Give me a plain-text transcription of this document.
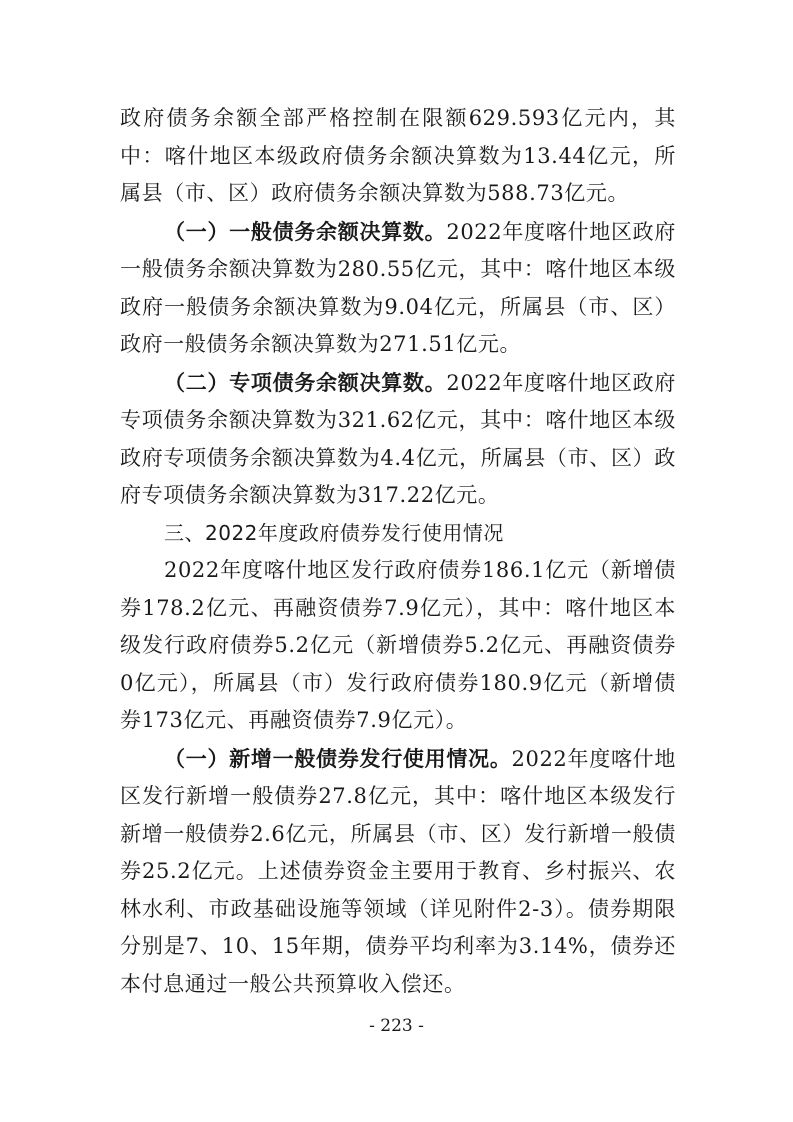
政府债务余额全部严格控制在限额629.593亿元内，其中：喀什地区本级政府债务余额决算数为13.44亿元，所属县（市、区）政府债务余额决算数为588.73亿元。

（一）一般债务余额决算数。2022年度喀什地区政府一般债务余额决算数为280.55亿元，其中：喀什地区本级政府一般债务余额决算数为9.04亿元，所属县（市、区）政府一般债务余额决算数为271.51亿元。

（二）专项债务余额决算数。2022年度喀什地区政府专项债务余额决算数为321.62亿元，其中：喀什地区本级政府专项债务余额决算数为4.4亿元，所属县（市、区）政府专项债务余额决算数为317.22亿元。

三、2022年度政府债券发行使用情况

2022年度喀什地区发行政府债券186.1亿元（新增债券178.2亿元、再融资债券7.9亿元），其中：喀什地区本级发行政府债券5.2亿元（新增债券5.2亿元、再融资债券0亿元），所属县（市）发行政府债券180.9亿元（新增债券173亿元、再融资债券7.9亿元）。

（一）新增一般债券发行使用情况。2022年度喀什地区发行新增一般债券27.8亿元，其中：喀什地区本级发行新增一般债券2.6亿元，所属县（市、区）发行新增一般债券25.2亿元。上述债券资金主要用于教育、乡村振兴、农林水利、市政基础设施等领域（详见附件2-3）。债券期限分别是7、10、15年期，债券平均利率为3.14%，债券还本付息通过一般公共预算收入偿还。

- 223 -
